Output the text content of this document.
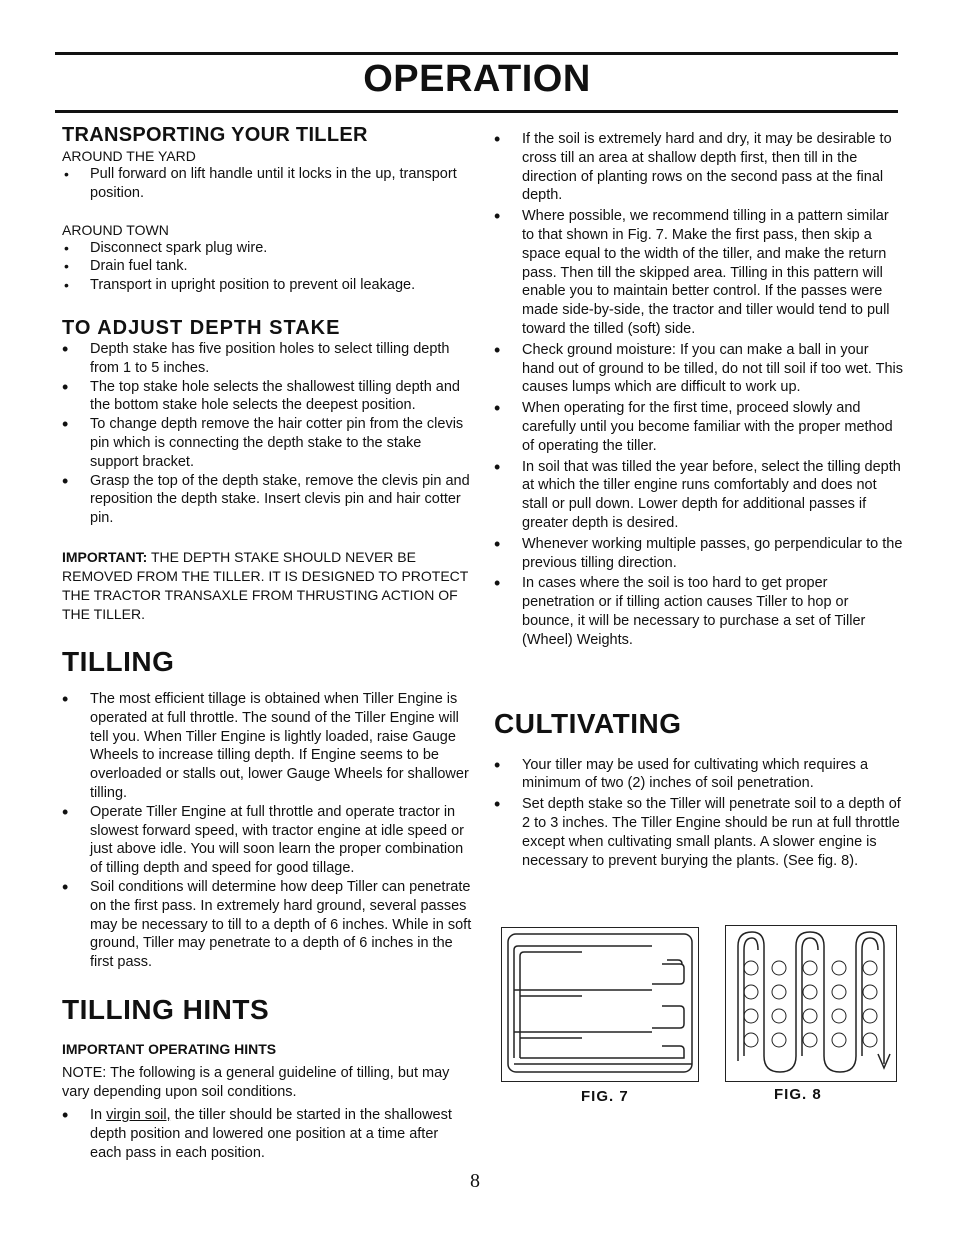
OPERATION

TRANSPORTING YOUR TILLER

AROUND THE YARD

• Pull forward on lift handle until it locks in the up, transport position.

AROUND TOWN

• Disconnect spark plug wire.
• Drain fuel tank.
• Transport in upright position to prevent oil leakage.

TO ADJUST DEPTH STAKE

• Depth stake has five position holes to select tilling depth from 1 to 5 inches.
• The top stake hole selects the shallowest tilling depth and the bottom stake hole selects the deepest position.
• To change depth remove the hair cotter pin from the clevis pin which is connecting the depth stake to the stake support bracket.
• Grasp the top of the depth stake, remove the clevis pin and reposition the depth stake. Insert clevis pin and hair cotter pin.

IMPORTANT: THE DEPTH STAKE SHOULD NEVER BE REMOVED FROM THE TILLER. IT IS DESIGNED TO PROTECT THE TRACTOR TRANSAXLE FROM THRUSTING ACTION OF THE TILLER.

TILLING

• The most efficient tillage is obtained when Tiller Engine is operated at full throttle. The sound of the Tiller Engine will tell you. When Tiller Engine is lightly loaded, raise Gauge Wheels to increase tilling depth. If Engine seems to be overloaded or stalls out, lower Gauge Wheels for shallower tilling.
• Operate Tiller Engine at full throttle and operate tractor in slowest forward speed, with tractor engine at idle speed or just above idle. You will soon learn the proper combination of tilling depth and speed for good tillage.
• Soil conditions will determine how deep Tiller can penetrate on the first pass. In extremely hard ground, several passes may be necessary to till to a depth of 6 inches. While in soft ground, Tiller may penetrate to a depth of 6 inches in the first pass.

TILLING HINTS

IMPORTANT OPERATING HINTS

NOTE: The following is a general guideline of tilling, but may vary depending upon soil conditions.

• In virgin soil, the tiller should be started in the shallowest depth position and lowered one position at a time after each pass in each position.
• If the soil is extremely hard and dry, it may be desirable to cross till an area at shallow depth first, then till in the direction of planting rows on the second pass at the final depth.
• Where possible, we recommend tilling in a pattern similar to that shown in Fig. 7. Make the first pass, then skip a space equal to the width of the tiller, and make the return pass. Then till the skipped area. Tilling in this pattern will enable you to maintain better control. If the passes were made side-by-side, the tractor and tiller would tend to pull toward the tilled (soft) side.
• Check ground moisture: If you can make a ball in your hand out of ground to be tilled, do not till soil if too wet. This causes lumps which are difficult to work up.
• When operating for the first time, proceed slowly and carefully until you become familiar with the proper method of operating the tiller.
• In soil that was tilled the year before, select the tilling depth at which the tiller engine runs comfortably and does not stall or pull down. Lower depth for additional passes if greater depth is desired.
• Whenever working multiple passes, go perpendicular to the previous tilling direction.
• In cases where the soil is too hard to get proper penetration or if tilling action causes Tiller to hop or bounce, it will be necessary to purchase a set of Tiller (Wheel) Weights.

CULTIVATING

• Your tiller may be used for cultivating which requires a minimum of two (2) inches of soil penetration.
• Set depth stake so the Tiller will penetrate soil to a depth of 2 to 3 inches. The Tiller Engine should be run at full throttle except when cultivating small plants. A slower engine is necessary to prevent burying the plants. (See fig. 8).
FIG. 7	FIG. 8
8
